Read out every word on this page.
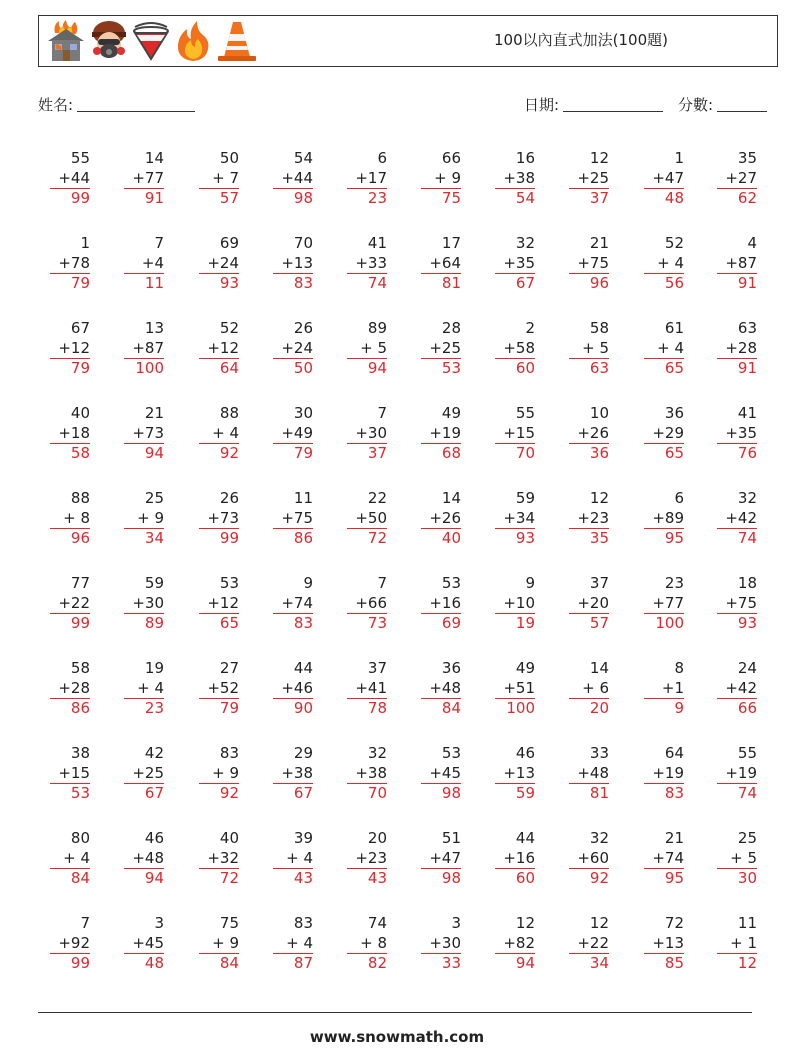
100以內直式加法(100題)
姓名:	日期:	分數:
55
+44
99
14
+77
91
50
+ 7
57
54
+44
98
6
+17
23
66
+ 9
75
16
+38
54
12
+25
37
1
+47
48
35
+27
62
1
+78
79
7
+4
11
69
+24
93
70
+13
83
41
+33
74
17
+64
81
32
+35
67
21
+75
96
52
+ 4
56
4
+87
91
67
+12
79
13
+87
100
52
+12
64
26
+24
50
89
+ 5
94
28
+25
53
2
+58
60
58
+ 5
63
61
+ 4
65
63
+28
91
40
+18
58
21
+73
94
88
+ 4
92
30
+49
79
7
+30
37
49
+19
68
55
+15
70
10
+26
36
36
+29
65
41
+35
76
88
+ 8
96
25
+ 9
34
26
+73
99
11
+75
86
22
+50
72
14
+26
40
59
+34
93
12
+23
35
6
+89
95
32
+42
74
77
+22
99
59
+30
89
53
+12
65
9
+74
83
7
+66
73
53
+16
69
9
+10
19
37
+20
57
23
+77
100
18
+75
93
58
+28
86
19
+ 4
23
27
+52
79
44
+46
90
37
+41
78
36
+48
84
49
+51
100
14
+ 6
20
8
+1
9
24
+42
66
38
+15
53
42
+25
67
83
+ 9
92
29
+38
67
32
+38
70
53
+45
98
46
+13
59
33
+48
81
64
+19
83
55
+19
74
80
+ 4
84
46
+48
94
40
+32
72
39
+ 4
43
20
+23
43
51
+47
98
44
+16
60
32
+60
92
21
+74
95
25
+ 5
30
7
+92
99
3
+45
48
75
+ 9
84
83
+ 4
87
74
+ 8
82
3
+30
33
12
+82
94
12
+22
34
72
+13
85
11
+ 1
12
www.snowmath.com
